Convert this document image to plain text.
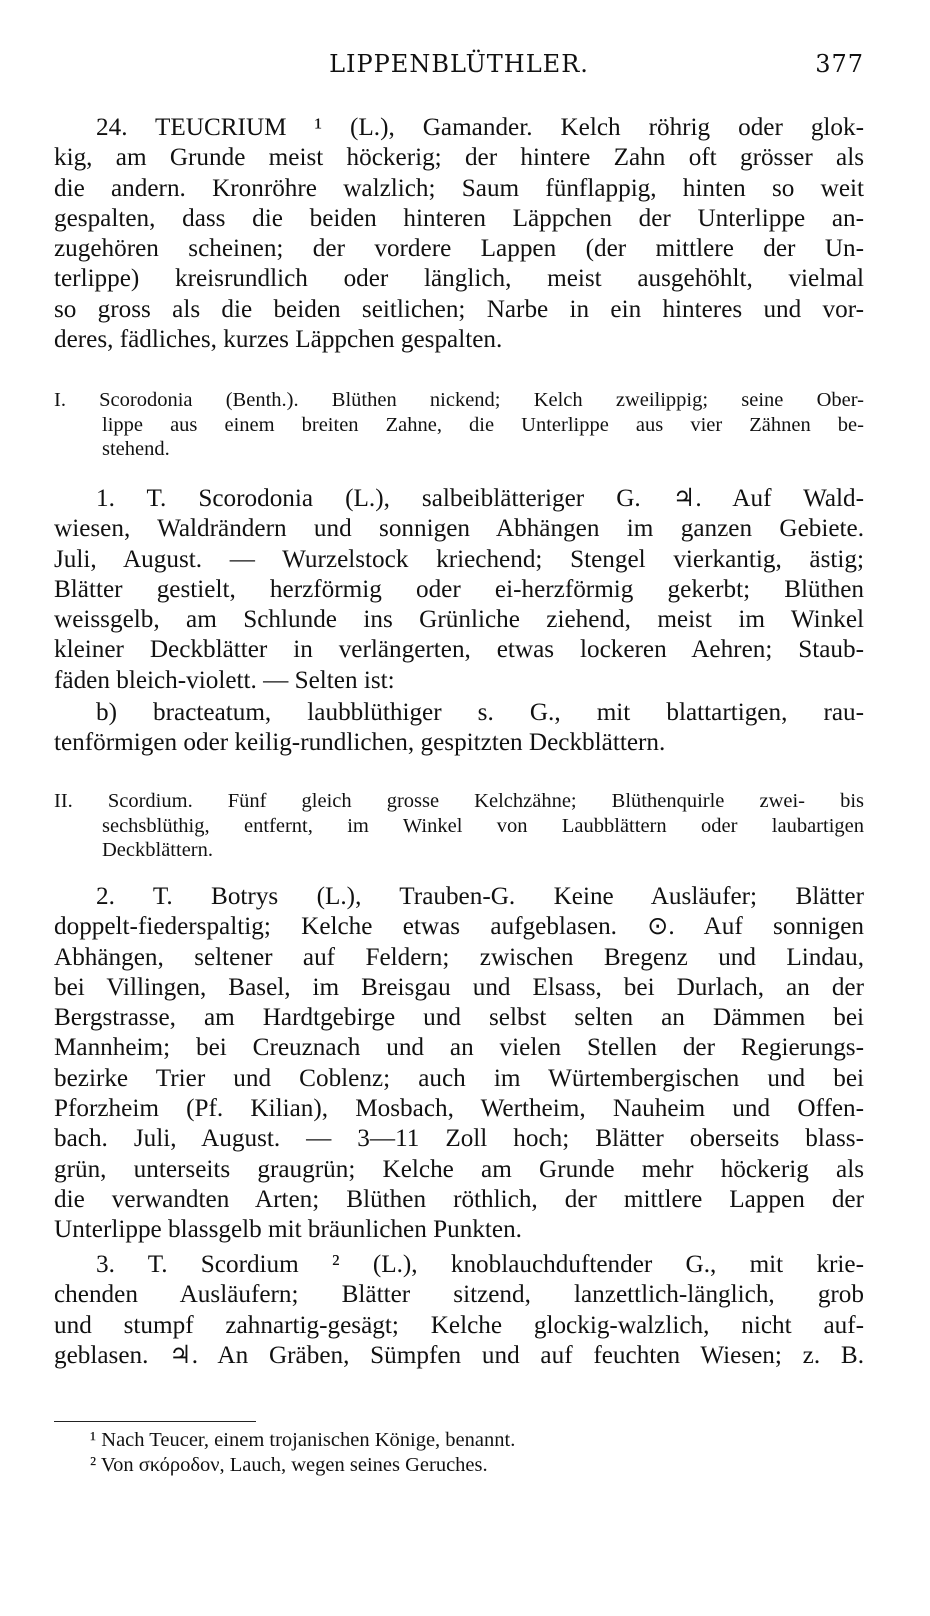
LIPPENBLÜTHLER.	377
24. TEUCRIUM ¹ (L.), Gamander. Kelch röhrig oder glok-
kig, am Grunde meist höckerig; der hintere Zahn oft grösser als
die andern. Kronröhre walzlich; Saum fünflappig, hinten so weit
gespalten, dass die beiden hinteren Läppchen der Unterlippe an-
zugehören scheinen; der vordere Lappen (der mittlere der Un-
terlippe) kreisrundlich oder länglich, meist ausgehöhlt, vielmal
so gross als die beiden seitlichen; Narbe in ein hinteres und vor-
deres, fädliches, kurzes Läppchen gespalten.
I. Scorodonia (Benth.). Blüthen nickend; Kelch zweilippig; seine Ober-
lippe aus einem breiten Zahne, die Unterlippe aus vier Zähnen be-
stehend.
1. T. Scorodonia (L.), salbeiblätteriger G. ♃. Auf Wald-
wiesen, Waldrändern und sonnigen Abhängen im ganzen Gebiete.
Juli, August. — Wurzelstock kriechend; Stengel vierkantig, ästig;
Blätter gestielt, herzförmig oder ei-herzförmig gekerbt; Blüthen
weissgelb, am Schlunde ins Grünliche ziehend, meist im Winkel
kleiner Deckblätter in verlängerten, etwas lockeren Aehren; Staub-
fäden bleich-violett. — Selten ist:
b) bracteatum, laubblüthiger s. G., mit blattartigen, rau-
tenförmigen oder keilig-rundlichen, gespitzten Deckblättern.
II. Scordium. Fünf gleich grosse Kelchzähne; Blüthenquirle zwei- bis
sechsblüthig, entfernt, im Winkel von Laubblättern oder laubartigen
Deckblättern.
2. T. Botrys (L.), Trauben-G. Keine Ausläufer; Blätter
doppelt-fiederspaltig; Kelche etwas aufgeblasen. ⊙. Auf sonnigen
Abhängen, seltener auf Feldern; zwischen Bregenz und Lindau,
bei Villingen, Basel, im Breisgau und Elsass, bei Durlach, an der
Bergstrasse, am Hardtgebirge und selbst selten an Dämmen bei
Mannheim; bei Creuznach und an vielen Stellen der Regierungs-
bezirke Trier und Coblenz; auch im Würtembergischen und bei
Pforzheim (Pf. Kilian), Mosbach, Wertheim, Nauheim und Offen-
bach. Juli, August. — 3—11 Zoll hoch; Blätter oberseits blass-
grün, unterseits graugrün; Kelche am Grunde mehr höckerig als
die verwandten Arten; Blüthen röthlich, der mittlere Lappen der
Unterlippe blassgelb mit bräunlichen Punkten.
3. T. Scordium ² (L.), knoblauchduftender G., mit krie-
chenden Ausläufern; Blätter sitzend, lanzettlich-länglich, grob
und stumpf zahnartig-gesägt; Kelche glockig-walzlich, nicht auf-
geblasen. ♃. An Gräben, Sümpfen und auf feuchten Wiesen; z. B.
¹ Nach Teucer, einem trojanischen Könige, benannt.
² Von σκόροδον, Lauch, wegen seines Geruches.
